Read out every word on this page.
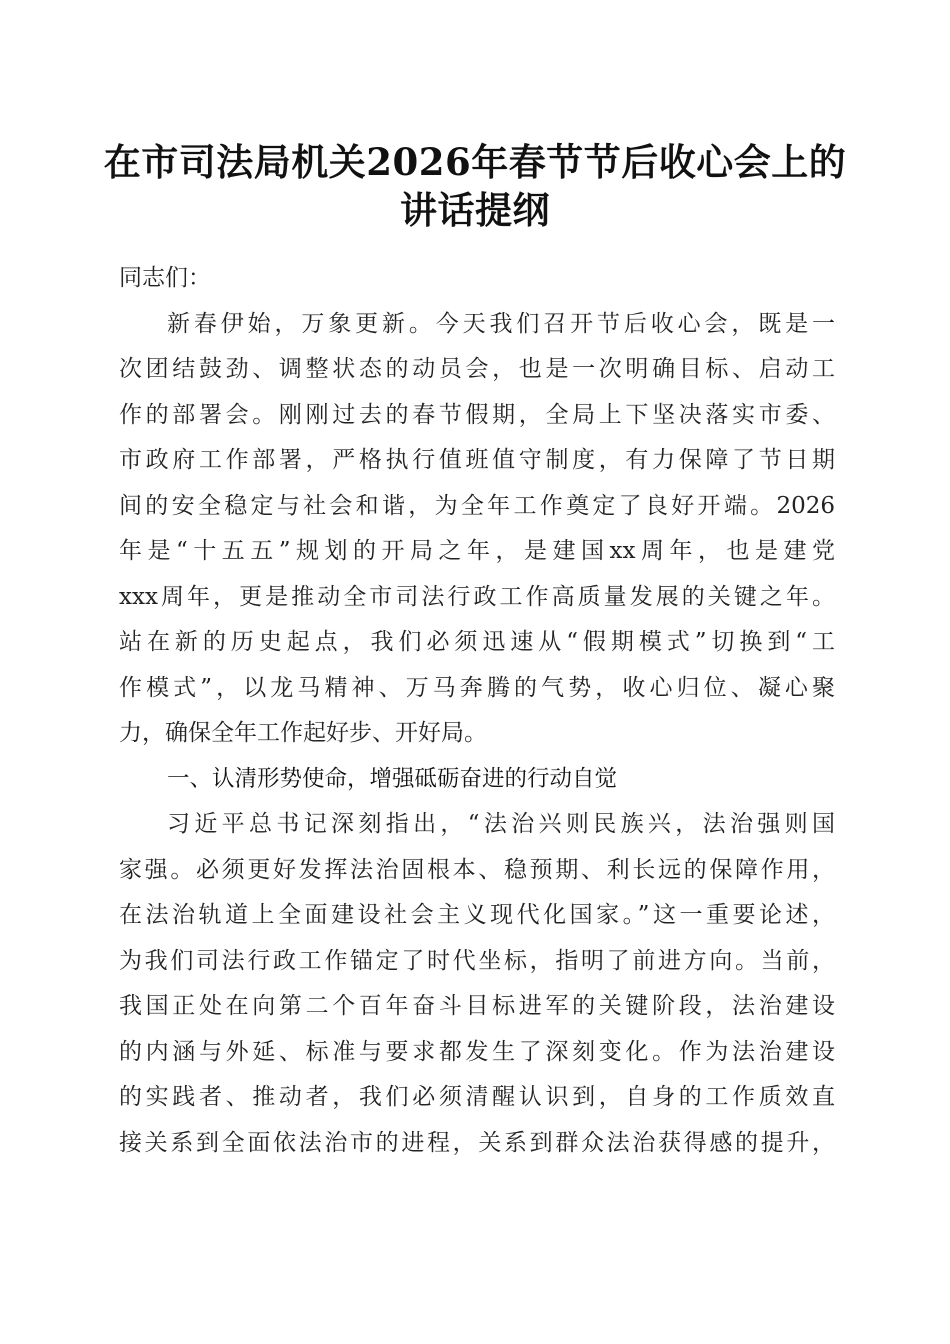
在市司法局机关2026年春节节后收心会上的
讲话提纲
同志们：
新春伊始，万象更新。今天我们召开节后收心会，既是一
次团结鼓劲、调整状态的动员会，也是一次明确目标、启动工
作的部署会。刚刚过去的春节假期，全局上下坚决落实市委、
市政府工作部署，严格执行值班值守制度，有力保障了节日期
间的安全稳定与社会和谐，为全年工作奠定了良好开端。2026
年是“十五五”规划的开局之年，是建国xx周年，也是建党
xxx周年，更是推动全市司法行政工作高质量发展的关键之年。
站在新的历史起点，我们必须迅速从“假期模式”切换到“工
作模式”，以龙马精神、万马奔腾的气势，收心归位、凝心聚
力，确保全年工作起好步、开好局。
一、认清形势使命，增强砥砺奋进的行动自觉
习近平总书记深刻指出，“法治兴则民族兴，法治强则国
家强。必须更好发挥法治固根本、稳预期、利长远的保障作用，
在法治轨道上全面建设社会主义现代化国家。”这一重要论述，
为我们司法行政工作锚定了时代坐标，指明了前进方向。当前，
我国正处在向第二个百年奋斗目标进军的关键阶段，法治建设
的内涵与外延、标准与要求都发生了深刻变化。作为法治建设
的实践者、推动者，我们必须清醒认识到，自身的工作质效直
接关系到全面依法治市的进程，关系到群众法治获得感的提升，
